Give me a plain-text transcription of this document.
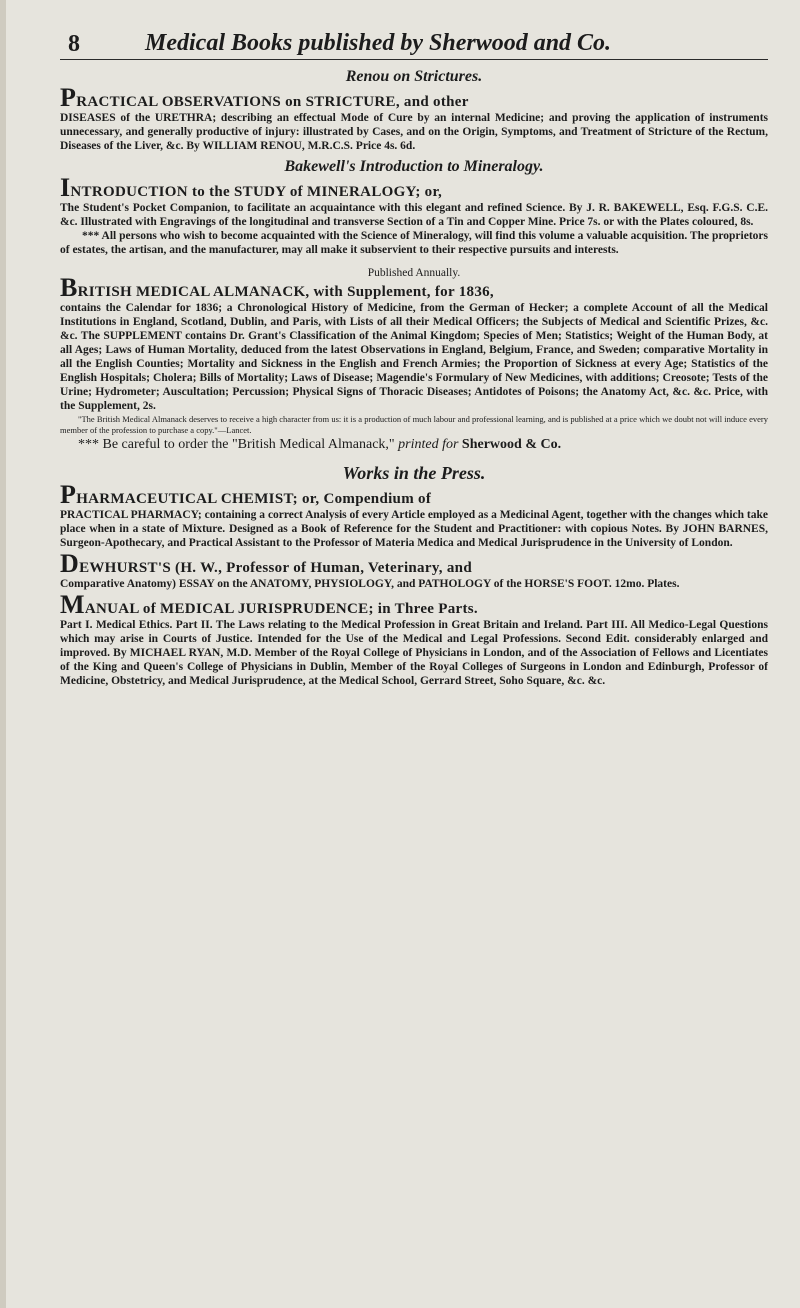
8	Medical Books published by Sherwood and Co.
Renou on Strictures.
PRACTICAL OBSERVATIONS on STRICTURE, and other
DISEASES of the URETHRA; describing an effectual Mode of Cure by an internal Medicine; and proving the application of instruments unnecessary, and generally productive of injury: illustrated by Cases, and on the Origin, Symptoms, and Treatment of Stricture of the Rectum, Diseases of the Liver, &c. By WILLIAM RENOU, M.R.C.S. Price 4s. 6d.
Bakewell's Introduction to Mineralogy.
INTRODUCTION to the STUDY of MINERALOGY; or,
The Student's Pocket Companion, to facilitate an acquaintance with this elegant and refined Science. By J. R. BAKEWELL, Esq. F.G.S. C.E. &c. Illustrated with Engravings of the longitudinal and transverse Section of a Tin and Copper Mine. Price 7s. or with the Plates coloured, 8s.
*** All persons who wish to become acquainted with the Science of Mineralogy, will find this volume a valuable acquisition. The proprietors of estates, the artisan, and the manufacturer, may all make it subservient to their respective pursuits and interests.
Published Annually.
BRITISH MEDICAL ALMANACK, with Supplement, for 1836,
contains the Calendar for 1836; a Chronological History of Medicine, from the German of Hecker; a complete Account of all the Medical Institutions in England, Scotland, Dublin, and Paris, with Lists of all their Medical Officers; the Subjects of Medical and Scientific Prizes, &c. &c. The SUPPLEMENT contains Dr. Grant's Classification of the Animal Kingdom; Species of Men; Statistics; Weight of the Human Body, at all Ages; Laws of Human Mortality, deduced from the latest Observations in England, Belgium, France, and Sweden; comparative Mortality in all the English Counties; Mortality and Sickness in the English and French Armies; the Proportion of Sickness at every Age; Statistics of the English Hospitals; Cholera; Bills of Mortality; Laws of Disease; Magendie's Formulary of New Medicines, with additions; Creosote; Tests of the Urine; Hydrometer; Auscultation; Percussion; Physical Signs of Thoracic Diseases; Antidotes of Poisons; the Anatomy Act, &c. &c. Price, with the Supplement, 2s.
"The British Medical Almanack deserves to receive a high character from us: it is a production of much labour and professional learning, and is published at a price which we doubt not will induce every member of the profession to purchase a copy."—Lancet.
*** Be careful to order the "British Medical Almanack," printed for Sherwood & Co.
Works in the Press.
PHARMACEUTICAL CHEMIST; or, Compendium of
PRACTICAL PHARMACY; containing a correct Analysis of every Article employed as a Medicinal Agent, together with the changes which take place when in a state of Mixture. Designed as a Book of Reference for the Student and Practitioner: with copious Notes. By JOHN BARNES, Surgeon-Apothecary, and Practical Assistant to the Professor of Materia Medica and Medical Jurisprudence in the University of London.
DEWHURST'S (H. W., Professor of Human, Veterinary, and
Comparative Anatomy) ESSAY on the ANATOMY, PHYSIOLOGY, and PATHOLOGY of the HORSE'S FOOT. 12mo. Plates.
MANUAL of MEDICAL JURISPRUDENCE; in Three Parts.
Part I. Medical Ethics. Part II. The Laws relating to the Medical Profession in Great Britain and Ireland. Part III. All Medico-Legal Questions which may arise in Courts of Justice. Intended for the Use of the Medical and Legal Professions. Second Edit. considerably enlarged and improved. By MICHAEL RYAN, M.D. Member of the Royal College of Physicians in London, and of the Association of Fellows and Licentiates of the King and Queen's College of Physicians in Dublin, Member of the Royal Colleges of Surgeons in London and Edinburgh, Professor of Medicine, Obstetricy, and Medical Jurisprudence, at the Medical School, Gerrard Street, Soho Square, &c. &c.
